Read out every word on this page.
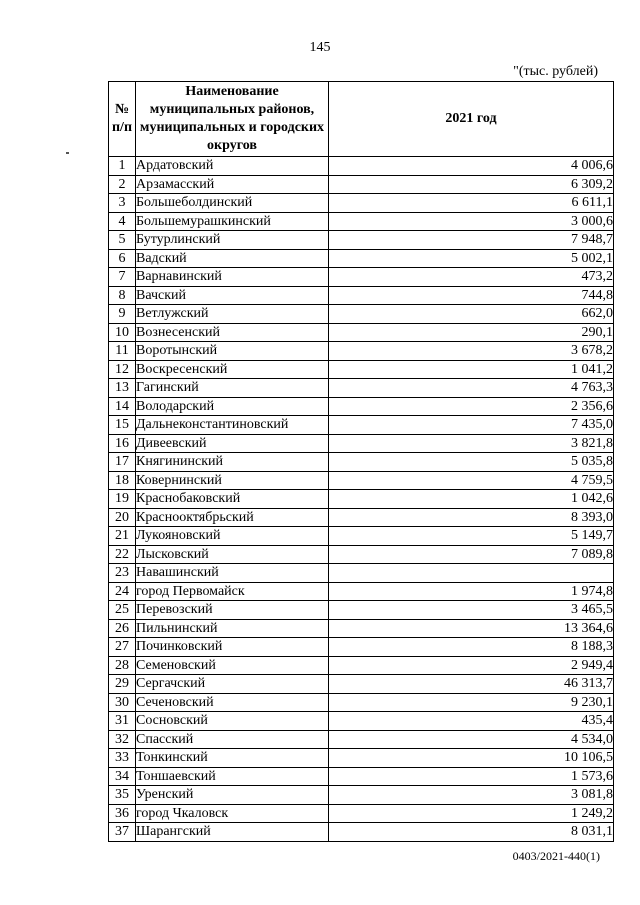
145
"(тыс. рублей)
№ п/п	Наименование муниципальных районов, муниципальных и городских округов	2021 год
1	Ардатовский	4 006,6
2	Арзамасский	6 309,2
3	Большеболдинский	6 611,1
4	Большемурашкинский	3 000,6
5	Бутурлинский	7 948,7
6	Вадский	5 002,1
7	Варнавинский	473,2
8	Вачский	744,8
9	Ветлужский	662,0
10	Вознесенский	290,1
11	Воротынский	3 678,2
12	Воскресенский	1 041,2
13	Гагинский	4 763,3
14	Володарский	2 356,6
15	Дальнеконстантиновский	7 435,0
16	Дивеевский	3 821,8
17	Княгининский	5 035,8
18	Ковернинский	4 759,5
19	Краснобаковский	1 042,6
20	Краснооктябрьский	8 393,0
21	Лукояновский	5 149,7
22	Лысковский	7 089,8
23	Навашинский	
24	город Первомайск	1 974,8
25	Перевозский	3 465,5
26	Пильнинский	13 364,6
27	Починковский	8 188,3
28	Семеновский	2 949,4
29	Сергачский	46 313,7
30	Сеченовский	9 230,1
31	Сосновский	435,4
32	Спасский	4 534,0
33	Тонкинский	10 106,5
34	Тоншаевский	1 573,6
35	Уренский	3 081,8
36	город Чкаловск	1 249,2
37	Шарангский	8 031,1
0403/2021-440(1)
